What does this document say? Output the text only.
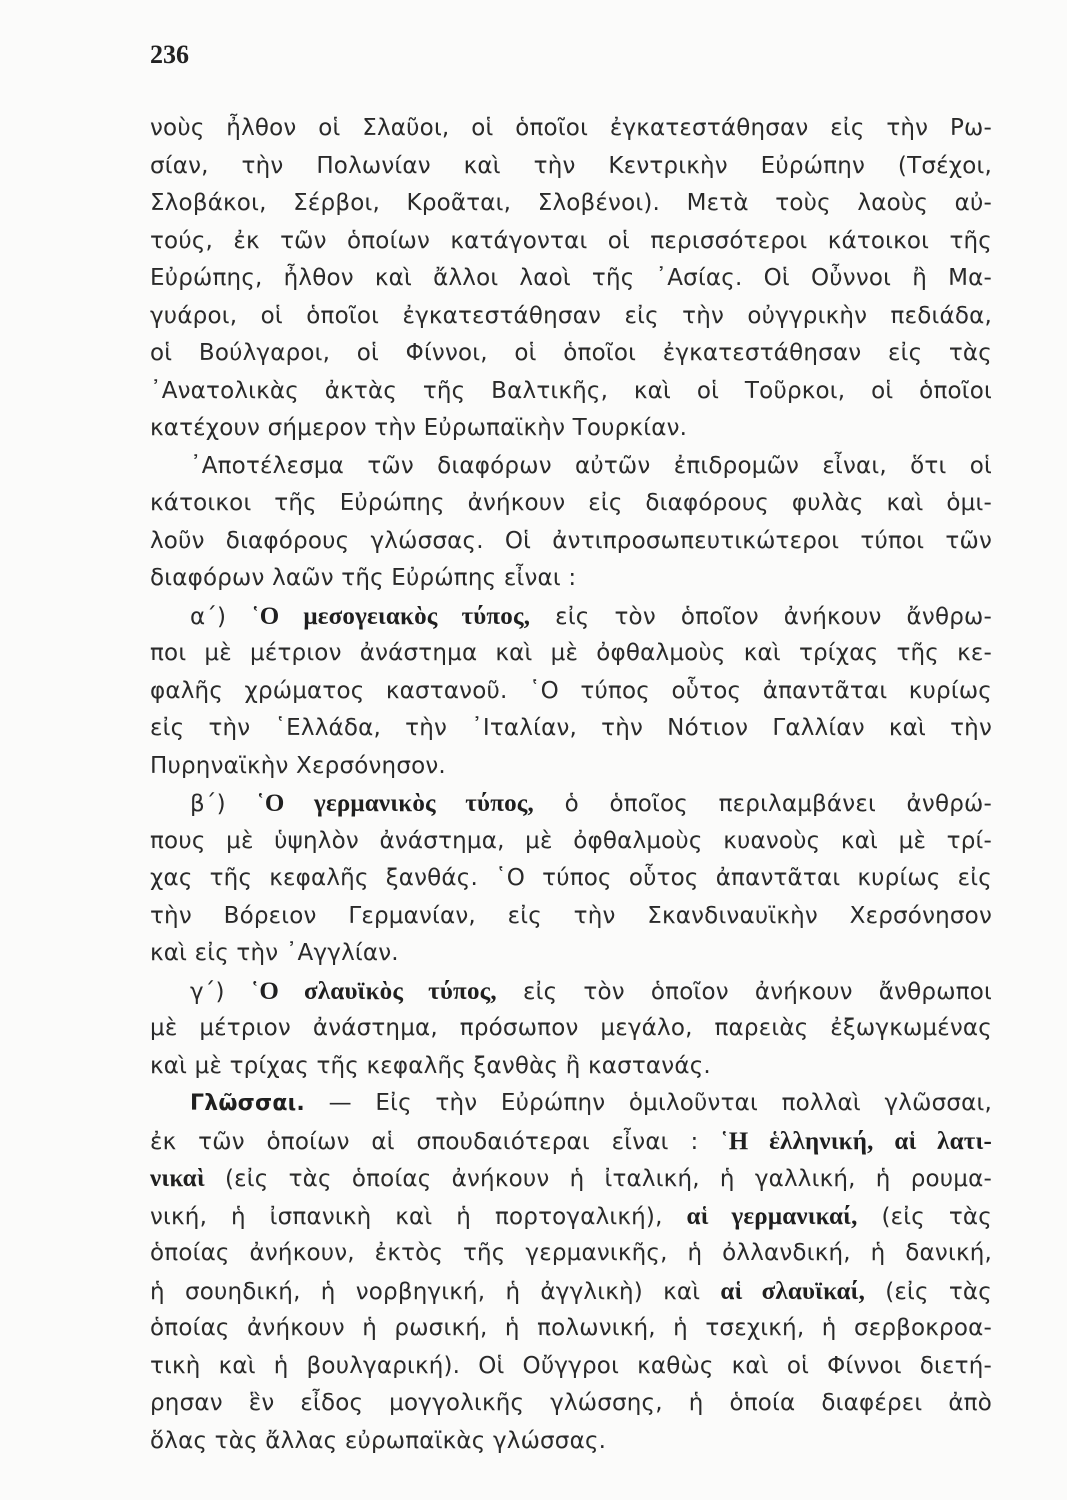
236
νοὺς ἦλθον οἱ Σλαῦοι, οἱ ὁποῖοι ἐγκατεστάθησαν εἰς τὴν Ρω-
σίαν, τὴν Πολωνίαν καὶ τὴν Κεντρικὴν Εὐρώπην (Τσέχοι,
Σλοβάκοι, Σέρβοι, Κροᾶται, Σλοβένοι). Μετὰ τοὺς λαοὺς αὐ-
τούς, ἐκ τῶν ὁποίων κατάγονται οἱ περισσότεροι κάτοικοι τῆς
Εὐρώπης, ἦλθον καὶ ἄλλοι λαοὶ τῆς ᾿Ασίας. Οἱ Οὖννοι ἢ Μα-
γυάροι, οἱ ὁποῖοι ἐγκατεστάθησαν εἰς τὴν οὐγγρικὴν πεδιάδα,
οἱ Βούλγαροι, οἱ Φίννοι, οἱ ὁποῖοι ἐγκατεστάθησαν εἰς τὰς
᾿Ανατολικὰς ἀκτὰς τῆς Βαλτικῆς, καὶ οἱ Τοῦρκοι, οἱ ὁποῖοι
κατέχουν σήμερον τὴν Εὐρωπαϊκὴν Τουρκίαν.
᾿Αποτέλεσμα τῶν διαφόρων αὐτῶν ἐπιδρομῶν εἶναι, ὅτι οἱ
κάτοικοι τῆς Εὐρώπης ἀνήκουν εἰς διαφόρους φυλὰς καὶ ὁμι-
λοῦν διαφόρους γλώσσας. Οἱ ἀντιπροσωπευτικώτεροι τύποι τῶν
διαφόρων λαῶν τῆς Εὐρώπης εἶναι :
α΄) ῾Ο μεσογειακὸς τύπος, εἰς τὸν ὁποῖον ἀνήκουν ἄνθρω-
ποι μὲ μέτριον ἀνάστημα καὶ μὲ ὀφθαλμοὺς καὶ τρίχας τῆς κε-
φαλῆς χρώματος καστανοῦ. ῾Ο τύπος οὗτος ἀπαντᾶται κυρίως
εἰς τὴν ῾Ελλάδα, τὴν ᾿Ιταλίαν, τὴν Νότιον Γαλλίαν καὶ τὴν
Πυρηναϊκὴν Χερσόνησον.
β΄) ῾Ο γερμανικὸς τύπος, ὁ ὁποῖος περιλαμβάνει ἀνθρώ-
πους μὲ ὑψηλὸν ἀνάστημα, μὲ ὀφθαλμοὺς κυανοὺς καὶ μὲ τρί-
χας τῆς κεφαλῆς ξανθάς. ῾Ο τύπος οὗτος ἀπαντᾶται κυρίως εἰς
τὴν Βόρειον Γερμανίαν, εἰς τὴν Σκανδιναυϊκὴν Χερσόνησον
καὶ εἰς τὴν ᾿Αγγλίαν.
γ΄) ῾Ο σλαυϊκὸς τύπος, εἰς τὸν ὁποῖον ἀνήκουν ἄνθρωποι
μὲ μέτριον ἀνάστημα, πρόσωπον μεγάλο, παρειὰς ἐξωγκωμένας
καὶ μὲ τρίχας τῆς κεφαλῆς ξανθὰς ἢ καστανάς.
Γλῶσσαι. — Εἰς τὴν Εὐρώπην ὁμιλοῦνται πολλαὶ γλῶσσαι,
ἐκ τῶν ὁποίων αἱ σπουδαιότεραι εἶναι : ῾Η ἑλληνική, αἱ λατι-
νικαὶ (εἰς τὰς ὁποίας ἀνήκουν ἡ ἰταλική, ἡ γαλλική, ἡ ρουμα-
νική, ἡ ἰσπανικὴ καὶ ἡ πορτογαλική), αἱ γερμανικαί, (εἰς τὰς
ὁποίας ἀνήκουν, ἐκτὸς τῆς γερμανικῆς, ἡ ὀλλανδική, ἡ δανική,
ἡ σουηδική, ἡ νορβηγική, ἡ ἀγγλικὴ) καὶ αἱ σλαυϊκαί, (εἰς τὰς
ὁποίας ἀνήκουν ἡ ρωσική, ἡ πολωνική, ἡ τσεχική, ἡ σερβοκροα-
τικὴ καὶ ἡ βουλγαρική). Οἱ Οὔγγροι καθὼς καὶ οἱ Φίννοι διετή-
ρησαν ἓν εἶδος μογγολικῆς γλώσσης, ἡ ὁποία διαφέρει ἀπὸ
ὅλας τὰς ἄλλας εὐρωπαϊκὰς γλώσσας.
